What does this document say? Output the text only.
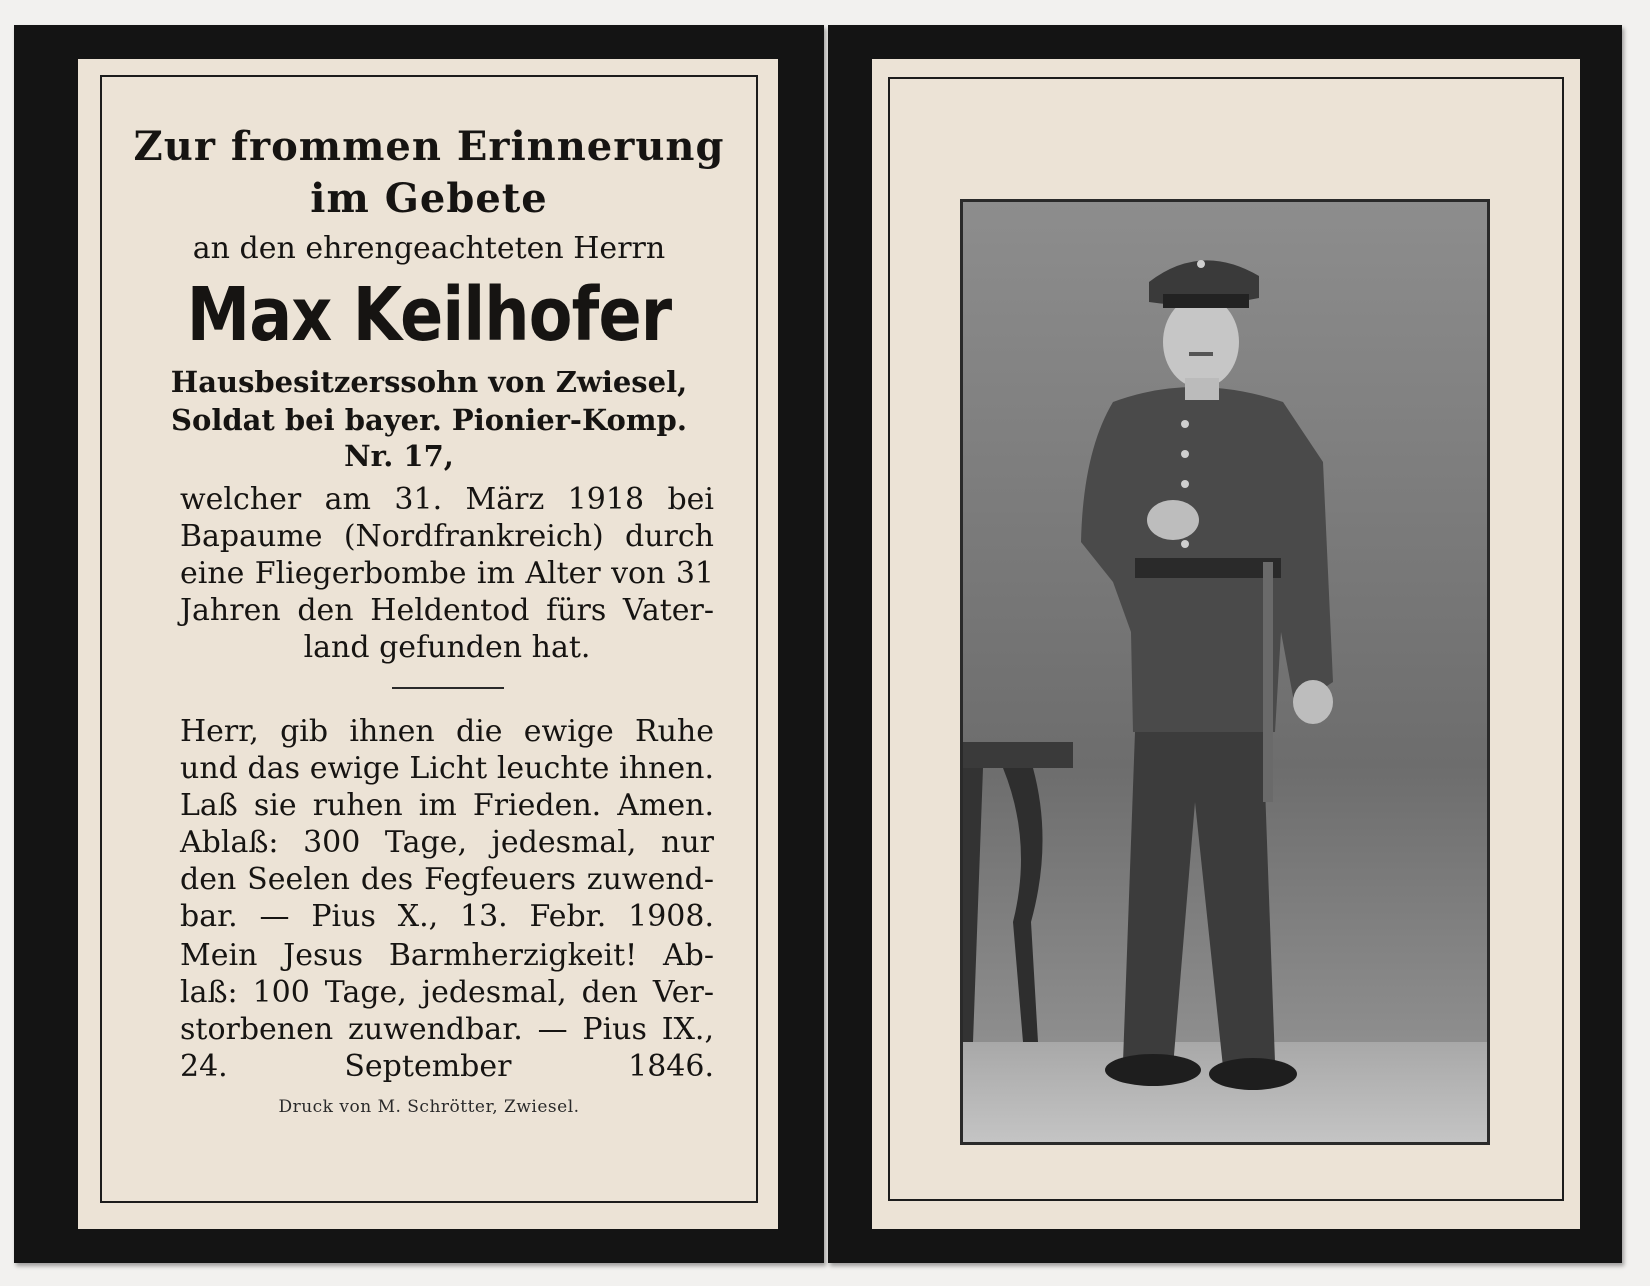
Zur frommen Erinnerung
im Gebete
an den ehrengeachteten Herrn
Max Keilhofer
Hausbesitzerssohn von Zwiesel,
Soldat bei bayer. Pionier-Komp.
Nr. 17,
welcher am 31. März 1918 bei Bapaume (Nordfrankreich) durch eine Fliegerbombe im Alter von 31 Jahren den Heldentod fürs Vater- land gefunden hat.
Herr, gib ihnen die ewige Ruhe und das ewige Licht leuchte ihnen. Laß sie ruhen im Frieden. Amen. Ablaß: 300 Tage, jedesmal, nur den Seelen des Fegfeuers zuwend- bar. — Pius X., 13. Febr. 1908.
Mein Jesus Barmherzigkeit! Ab- laß: 100 Tage, jedesmal, den Ver- storbenen zuwendbar. — Pius IX., 24. September 1846.
Druck von M. Schrötter, Zwiesel.
